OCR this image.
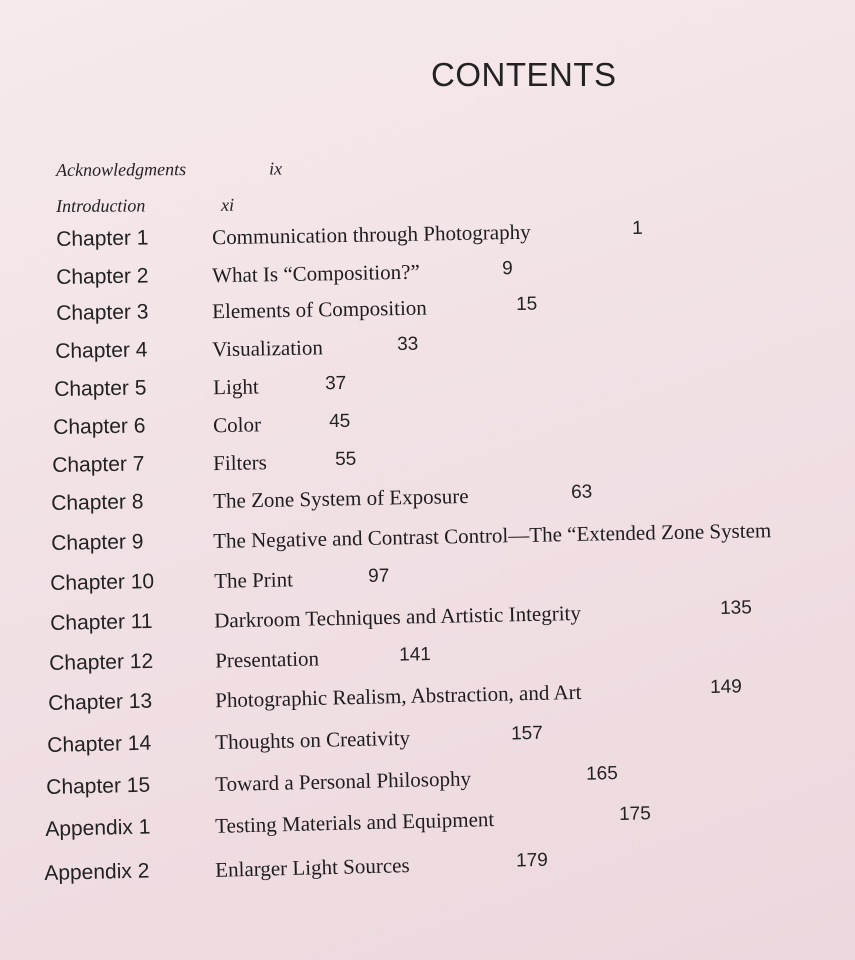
CONTENTS
Acknowledgments	ix
Introduction	xi
Chapter 1	Communication through Photography	1
Chapter 2	What Is “Composition?”	9
Chapter 3	Elements of Composition	15
Chapter 4	Visualization	33
Chapter 5	Light	37
Chapter 6	Color	45
Chapter 7	Filters	55
Chapter 8	The Zone System of Exposure	63
Chapter 9	The Negative and Contrast Control—The “Extended Zone System
Chapter 10	The Print	97
Chapter 11	Darkroom Techniques and Artistic Integrity	135
Chapter 12	Presentation	141
Chapter 13	Photographic Realism, Abstraction, and Art	149
Chapter 14	Thoughts on Creativity	157
Chapter 15	Toward a Personal Philosophy	165
Appendix 1	Testing Materials and Equipment	175
Appendix 2	Enlarger Light Sources	179
